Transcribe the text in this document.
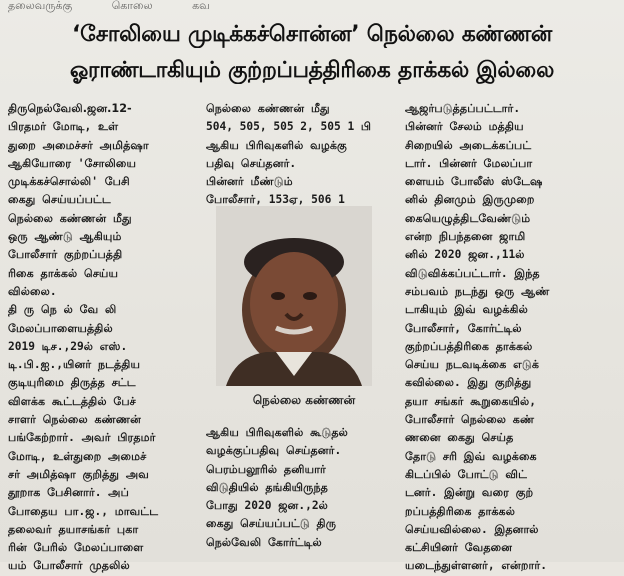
தலைவருக்கு	கொலை	கவ
‘சோலியை முடிக்கச்சொன்ன’ நெல்லை கண்ணன்
ஓராண்டாகியும் குற்றப்பத்திரிகை தாக்கல் இல்லை
திருநெல்வேலி.ஜன.12-
பிரதமர் மோடி, உள்
துறை அமைச்சர் அமித்ஷா
ஆகியோரை 'சோலியை
முடிக்கச்சொல்லி' பேசி
கைது செய்யப்பட்ட
நெல்லை கண்ணன் மீது
ஒரு ஆண்டு ஆகியும்
போலீசார் குற்றப்பத்தி
ரிகை தாக்கல் செய்ய
வில்லை.
தி ரு நெ ல் வே லி
மேலப்பாளையத்தில்
2019 டிச.,29ல் எஸ்.
டி.பி.ஐ.,யினர் நடத்திய
குடியுரிமை திருத்த சட்ட
விளக்க கூட்டத்தில் பேச்
சாளர் நெல்லை கண்ணன்
பங்கேற்றார். அவர் பிரதமர்
மோடி, உள்துறை அமைச்
சர் அமித்ஷா குறித்து அவ
தூறாக பேசினார். அப்
போதைய பா.ஜ., மாவட்ட
தலைவர் தயாசங்கர் புகா
ரின் பேரில் மேலப்பாளை
யம் போலீசார் முதலில்
நெல்லை கண்ணன் மீது
504, 505, 505 2, 505 1 பி
ஆகிய பிரிவுகளில் வழக்கு
பதிவு செய்தனர்.
பின்னர் மீண்டும்
போலீசார், 153ஏ, 506 1
நெல்லை கண்ணன்
ஆகிய பிரிவுகளில் கூடுதல்
வழக்குப்பதிவு செய்தனர்.
பெரம்பலூரில் தனியார்
விடுதியில் தங்கியிருந்த
போது 2020 ஜன.,2ல்
கைது செய்யப்பட்டு திரு
நெல்வேலி கோர்ட்டில்
ஆஜர்படுத்தப்பட்டார்.
பின்னர் சேலம் மத்திய
சிறையில் அடைக்கப்பட்
டார். பின்னர் மேலப்பா
ளையம் போலீஸ் ஸ்டேஷ
னில் தினமும் இருமுறை
கையெழுத்திடவேண்டும்
என்ற நிபந்தனை ஜாமி
னில் 2020 ஜன.,11ல்
விடுவிக்கப்பட்டார். இந்த
சம்பவம் நடந்து ஒரு ஆண்
டாகியும் இவ் வழக்கில்
போலீசார், கோர்ட்டில்
குற்றப்பத்திரிகை தாக்கல்
செய்ய நடவடிக்கை எடுக்
கவில்லை. இது குறித்து
தயா சங்கர் கூறுகையில்,
போலீசார் நெல்லை கண்
ணனை கைது செய்த
தோடு சரி இவ் வழக்கை
கிடப்பில் போட்டு விட்
டனர். இன்று வரை குற்
றப்பத்திரிகை தாக்கல்
செய்யவில்லை. இதனால்
கட்சியினர் வேதனை
யடைந்துள்ளனர், என்றார்.
